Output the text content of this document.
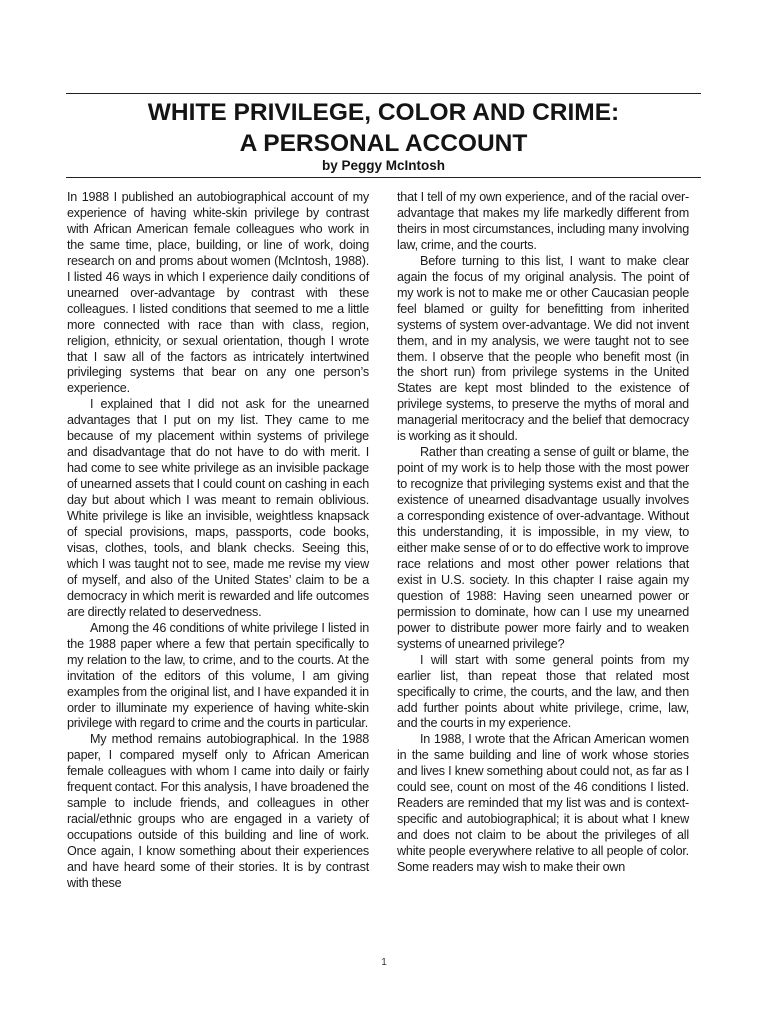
WHITE PRIVILEGE, COLOR AND CRIME:
A PERSONAL ACCOUNT
by Peggy McIntosh

In 1988 I published an autobiographical account of my experience of having white-skin privilege by contrast with African American female colleagues who work in the same time, place, building, or line of work, doing research on and proms about women (McIntosh, 1988). I listed 46 ways in which I experience daily conditions of unearned over-advantage by contrast with these colleagues. I listed conditions that seemed to me a little more connected with race than with class, region, religion, ethnicity, or sexual orientation, though I wrote that I saw all of the factors as intricately intertwined privileging systems that bear on any one person’s experience.

I explained that I did not ask for the unearned advantages that I put on my list. They came to me because of my placement within systems of privilege and disadvantage that do not have to do with merit. I had come to see white privilege as an invisible package of unearned assets that I could count on cashing in each day but about which I was meant to remain oblivious. White privilege is like an invisible, weightless knapsack of special provisions, maps, passports, code books, visas, clothes, tools, and blank checks. Seeing this, which I was taught not to see, made me revise my view of myself, and also of the United States’ claim to be a democracy in which merit is rewarded and life outcomes are directly related to deservedness.

Among the 46 conditions of white privilege I listed in the 1988 paper where a few that pertain specifically to my relation to the law, to crime, and to the courts. At the invitation of the editors of this volume, I am giving examples from the original list, and I have expanded it in order to illuminate my experience of having white-skin privilege with regard to crime and the courts in particular.

My method remains autobiographical. In the 1988 paper, I compared myself only to African American female colleagues with whom I came into daily or fairly frequent contact. For this analysis, I have broadened the sample to include friends, and colleagues in other racial/ethnic groups who are engaged in a variety of occupations outside of this building and line of work. Once again, I know something about their experiences and have heard some of their stories. It is by contrast with these

that I tell of my own experience, and of the racial over-advantage that makes my life markedly different from theirs in most circumstances, including many involving law, crime, and the courts.

Before turning to this list, I want to make clear again the focus of my original analysis. The point of my work is not to make me or other Caucasian people feel blamed or guilty for benefitting from inherited systems of system over-advantage. We did not invent them, and in my analysis, we were taught not to see them. I observe that the people who benefit most (in the short run) from privilege systems in the United States are kept most blinded to the existence of privilege systems, to preserve the myths of moral and managerial meritocracy and the belief that democracy is working as it should.

Rather than creating a sense of guilt or blame, the point of my work is to help those with the most power to recognize that privileging systems exist and that the existence of unearned disadvantage usually involves a corresponding existence of over-advantage. Without this understanding, it is impossible, in my view, to either make sense of or to do effective work to improve race relations and most other power relations that exist in U.S. society. In this chapter I raise again my question of 1988: Having seen unearned power or permission to dominate, how can I use my unearned power to distribute power more fairly and to weaken systems of unearned privilege?

I will start with some general points from my earlier list, than repeat those that related most specifically to crime, the courts, and the law, and then add further points about white privilege, crime, law, and the courts in my experience.

In 1988, I wrote that the African American women in the same building and line of work whose stories and lives I knew something about could not, as far as I could see, count on most of the 46 conditions I listed. Readers are reminded that my list was and is context-specific and autobiographical; it is about what I knew and does not claim to be about the privileges of all white people everywhere relative to all people of color. Some readers may wish to make their own

1
